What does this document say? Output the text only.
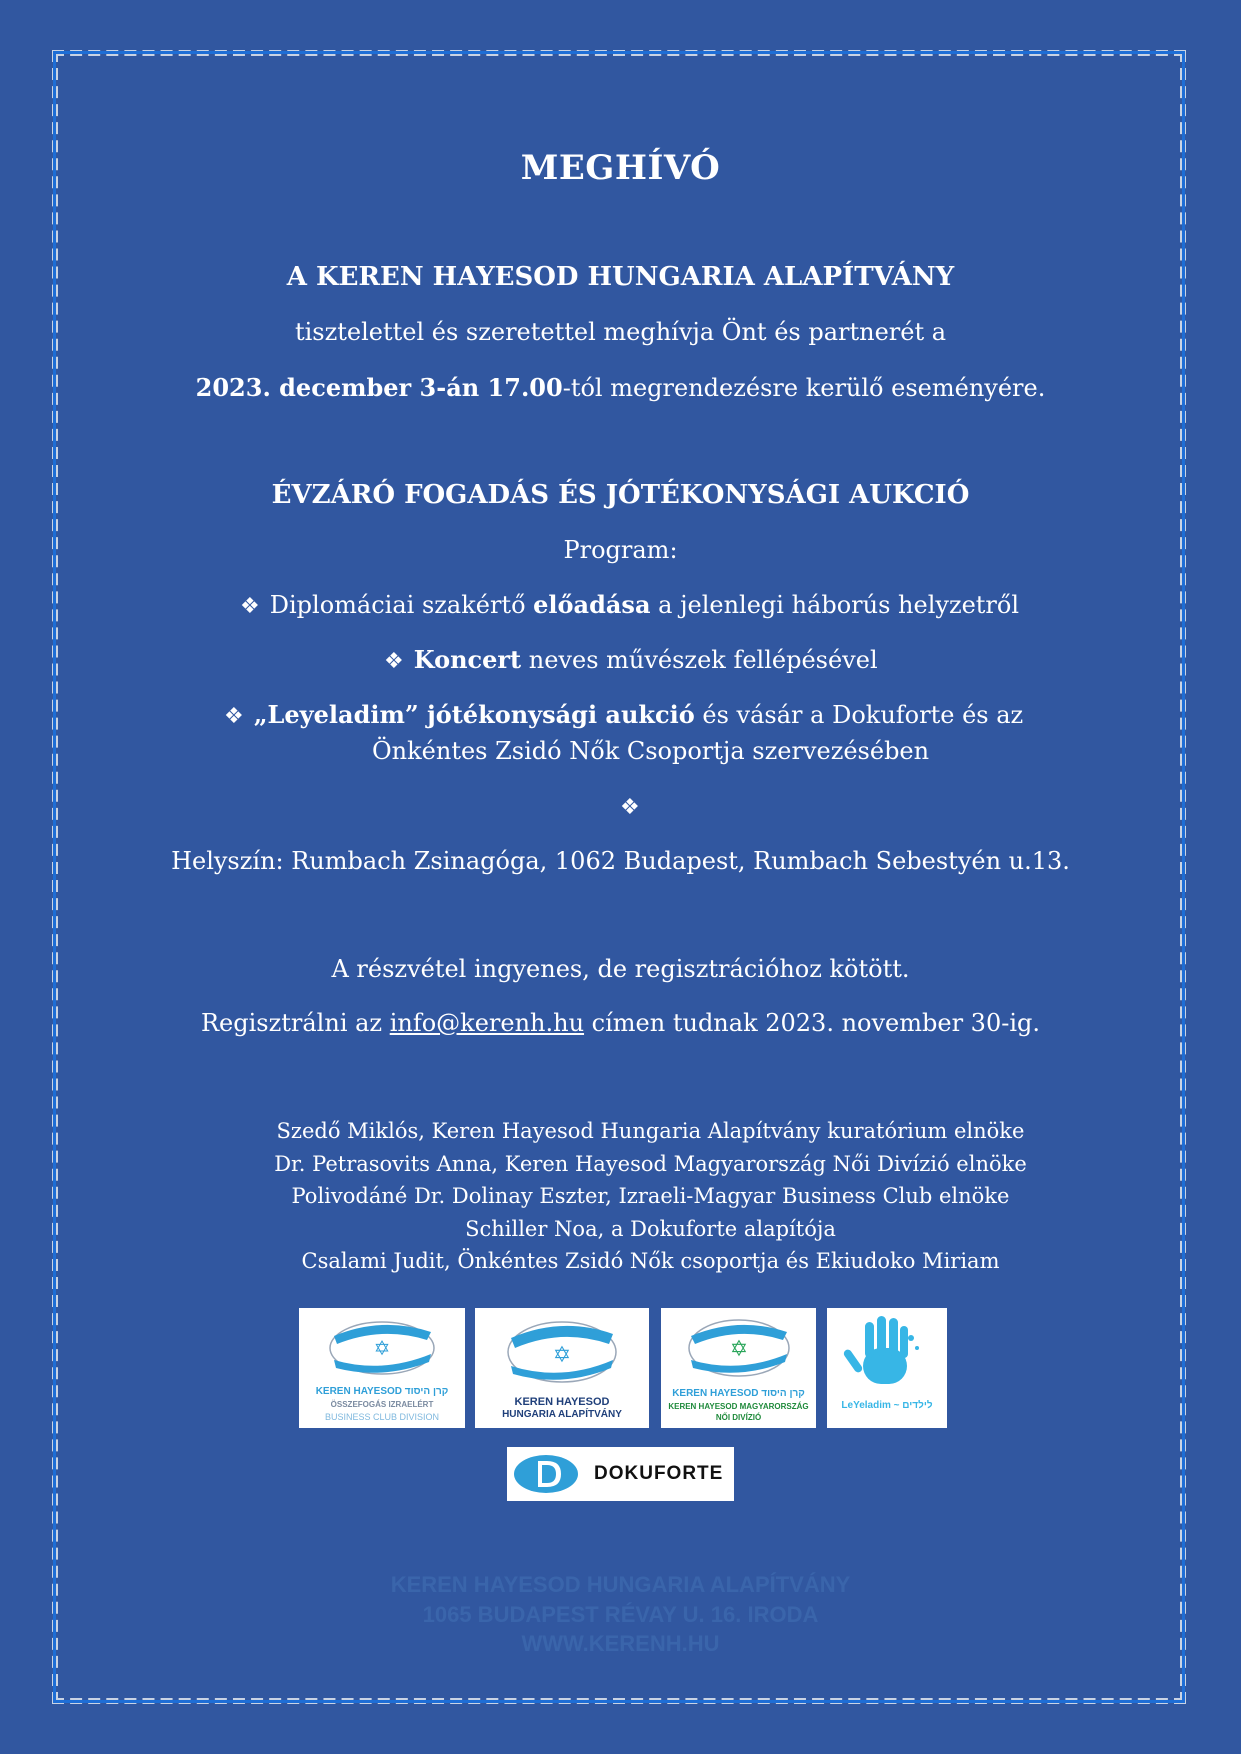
MEGHÍVÓ
A KEREN HAYESOD HUNGARIA ALAPÍTVÁNY
tisztelettel és szeretettel meghívja Önt és partnerét a
2023. december 3-án 17.00-tól megrendezésre kerülő eseményére.
ÉVZÁRÓ FOGADÁS ÉS JÓTÉKONYSÁGI AUKCIÓ
Program:
❖ Diplomáciai szakértő előadása a jelenlegi háborús helyzetről
❖ Koncert neves művészek fellépésével
❖ „Leyeladim” jótékonysági aukció és vásár a Dokuforte és az
Önkéntes Zsidó Nők Csoportja szervezésében
❖
Helyszín: Rumbach Zsinagóga, 1062 Budapest, Rumbach Sebestyén u.13.
A részvétel ingyenes, de regisztrációhoz kötött.
Regisztrálni az info@kerenh.hu címen tudnak 2023. november 30-ig.
Szedő Miklós, Keren Hayesod Hungaria Alapítvány kuratórium elnöke
Dr. Petrasovits Anna, Keren Hayesod Magyarország Női Divízió elnöke
Polivodáné Dr. Dolinay Eszter, Izraeli-Magyar Business Club elnöke
Schiller Noa, a Dokuforte alapítója
Csalami Judit, Önkéntes Zsidó Nők csoportja és Ekiudoko Miriam
✡
KEREN HAYESOD קרן היסוד
ÖSSZEFOGÁS IZRAELÉRT
BUSINESS CLUB DIVISION
✡
KEREN HAYESOD
HUNGARIA ALAPÍTVÁNY
✡
KEREN HAYESOD קרן היסוד
KEREN HAYESOD MAGYARORSZÁG
NŐI DIVÍZIÓ
LeYeladim ~ לילדים
DOKUFORTE
KEREN HAYESOD HUNGARIA ALAPÍTVÁNY
1065 BUDAPEST RÉVAY U. 16. IRODA
WWW.KERENH.HU
